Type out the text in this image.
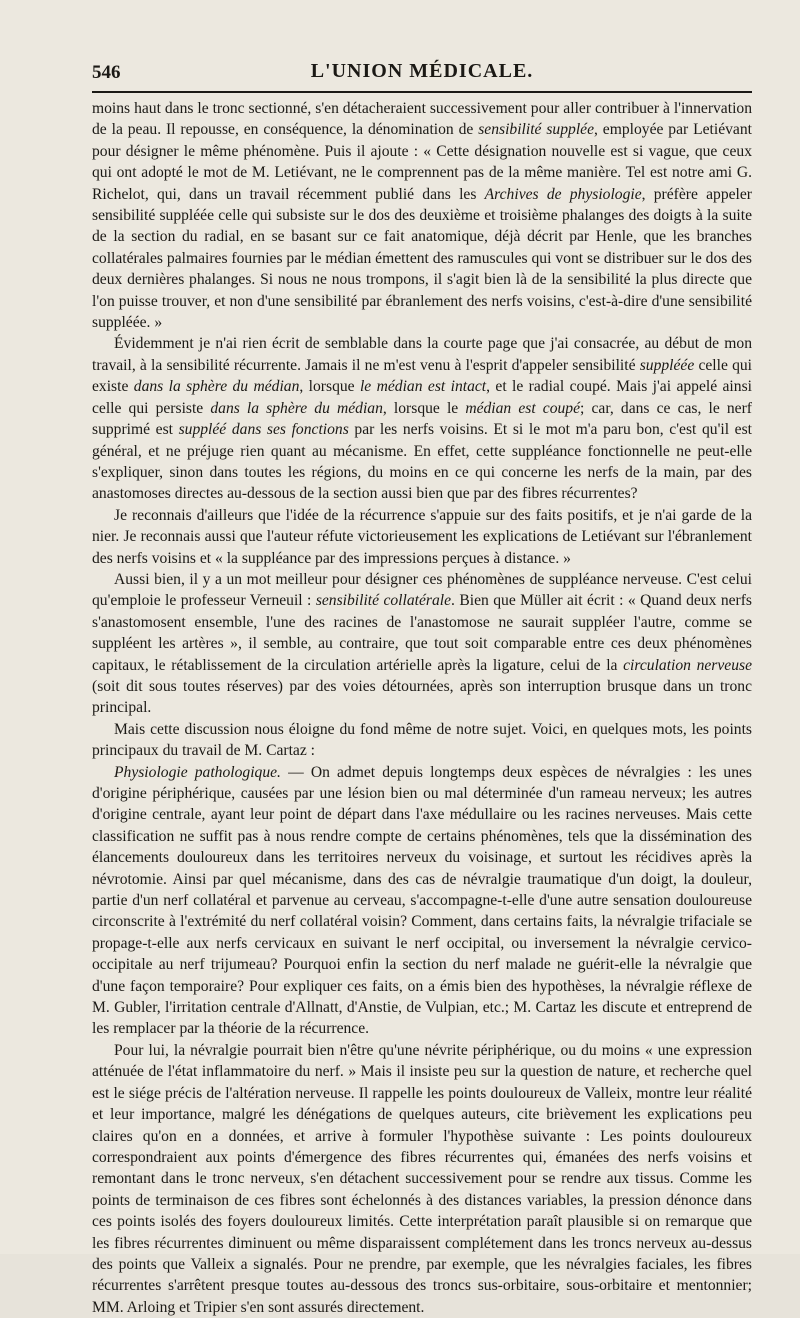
546	L'UNION MÉDICALE.

moins haut dans le tronc sectionné, s'en détacheraient successivement pour aller contribuer à l'innervation de la peau. Il repousse, en conséquence, la dénomination de sensibilité supplée, employée par Letiévant pour désigner le même phénomène. Puis il ajoute : « Cette désignation nouvelle est si vague, que ceux qui ont adopté le mot de M. Letiévant, ne le comprennent pas de la même manière. Tel est notre ami G. Richelot, qui, dans un travail récemment publié dans les Archives de physiologie, préfère appeler sensibilité suppléée celle qui subsiste sur le dos des deuxième et troisième phalanges des doigts à la suite de la section du radial, en se basant sur ce fait anatomique, déjà décrit par Henle, que les branches collatérales palmaires fournies par le médian émettent des ramuscules qui vont se distribuer sur le dos des deux dernières phalanges. Si nous ne nous trompons, il s'agit bien là de la sensibilité la plus directe que l'on puisse trouver, et non d'une sensibilité par ébranlement des nerfs voisins, c'est-à-dire d'une sensibilité suppléée. »

Évidemment je n'ai rien écrit de semblable dans la courte page que j'ai consacrée, au début de mon travail, à la sensibilité récurrente. Jamais il ne m'est venu à l'esprit d'appeler sensibilité suppléée celle qui existe dans la sphère du médian, lorsque le médian est intact, et le radial coupé. Mais j'ai appelé ainsi celle qui persiste dans la sphère du médian, lorsque le médian est coupé; car, dans ce cas, le nerf supprimé est suppléé dans ses fonctions par les nerfs voisins. Et si le mot m'a paru bon, c'est qu'il est général, et ne préjuge rien quant au mécanisme. En effet, cette suppléance fonctionnelle ne peut-elle s'expliquer, sinon dans toutes les régions, du moins en ce qui concerne les nerfs de la main, par des anastomoses directes au-dessous de la section aussi bien que par des fibres récurrentes?

Je reconnais d'ailleurs que l'idée de la récurrence s'appuie sur des faits positifs, et je n'ai garde de la nier. Je reconnais aussi que l'auteur réfute victorieusement les explications de Letiévant sur l'ébranlement des nerfs voisins et « la suppléance par des impressions perçues à distance. »

Aussi bien, il y a un mot meilleur pour désigner ces phénomènes de suppléance nerveuse. C'est celui qu'emploie le professeur Verneuil : sensibilité collatérale. Bien que Müller ait écrit : « Quand deux nerfs s'anastomosent ensemble, l'une des racines de l'anastomose ne saurait suppléer l'autre, comme se suppléent les artères », il semble, au contraire, que tout soit comparable entre ces deux phénomènes capitaux, le rétablissement de la circulation artérielle après la ligature, celui de la circulation nerveuse (soit dit sous toutes réserves) par des voies détournées, après son interruption brusque dans un tronc principal.

Mais cette discussion nous éloigne du fond même de notre sujet. Voici, en quelques mots, les points principaux du travail de M. Cartaz :

Physiologie pathologique. — On admet depuis longtemps deux espèces de névralgies : les unes d'origine périphérique, causées par une lésion bien ou mal déterminée d'un rameau nerveux; les autres d'origine centrale, ayant leur point de départ dans l'axe médullaire ou les racines nerveuses. Mais cette classification ne suffit pas à nous rendre compte de certains phénomènes, tels que la dissémination des élancements douloureux dans les territoires nerveux du voisinage, et surtout les récidives après la névrotomie. Ainsi par quel mécanisme, dans des cas de névralgie traumatique d'un doigt, la douleur, partie d'un nerf collatéral et parvenue au cerveau, s'accompagne-t-elle d'une autre sensation douloureuse circonscrite à l'extrémité du nerf collatéral voisin? Comment, dans certains faits, la névralgie trifaciale se propage-t-elle aux nerfs cervicaux en suivant le nerf occipital, ou inversement la névralgie cervico-occipitale au nerf trijumeau? Pourquoi enfin la section du nerf malade ne guérit-elle la névralgie que d'une façon temporaire? Pour expliquer ces faits, on a émis bien des hypothèses, la névralgie réflexe de M. Gubler, l'irritation centrale d'Allnatt, d'Anstie, de Vulpian, etc.; M. Cartaz les discute et entreprend de les remplacer par la théorie de la récurrence.

Pour lui, la névralgie pourrait bien n'être qu'une névrite périphérique, ou du moins « une expression atténuée de l'état inflammatoire du nerf. » Mais il insiste peu sur la question de nature, et recherche quel est le siége précis de l'altération nerveuse. Il rappelle les points douloureux de Valleix, montre leur réalité et leur importance, malgré les dénégations de quelques auteurs, cite brièvement les explications peu claires qu'on en a données, et arrive à formuler l'hypothèse suivante : Les points douloureux correspondraient aux points d'émergence des fibres récurrentes qui, émanées des nerfs voisins et remontant dans le tronc nerveux, s'en détachent successivement pour se rendre aux tissus. Comme les points de terminaison de ces fibres sont échelonnés à des distances variables, la pression dénonce dans ces points isolés des foyers douloureux limités. Cette interprétation paraît plausible si on remarque que les fibres récurrentes diminuent ou même disparaissent complétement dans les troncs nerveux au-dessus des points que Valleix a signalés. Pour ne prendre, par exemple, que les névralgies faciales, les fibres récurrentes s'arrêtent presque toutes au-dessous des troncs sus-orbitaire, sous-orbitaire et mentonnier; MM. Arloing et Tripier s'en sont assurés directement.
